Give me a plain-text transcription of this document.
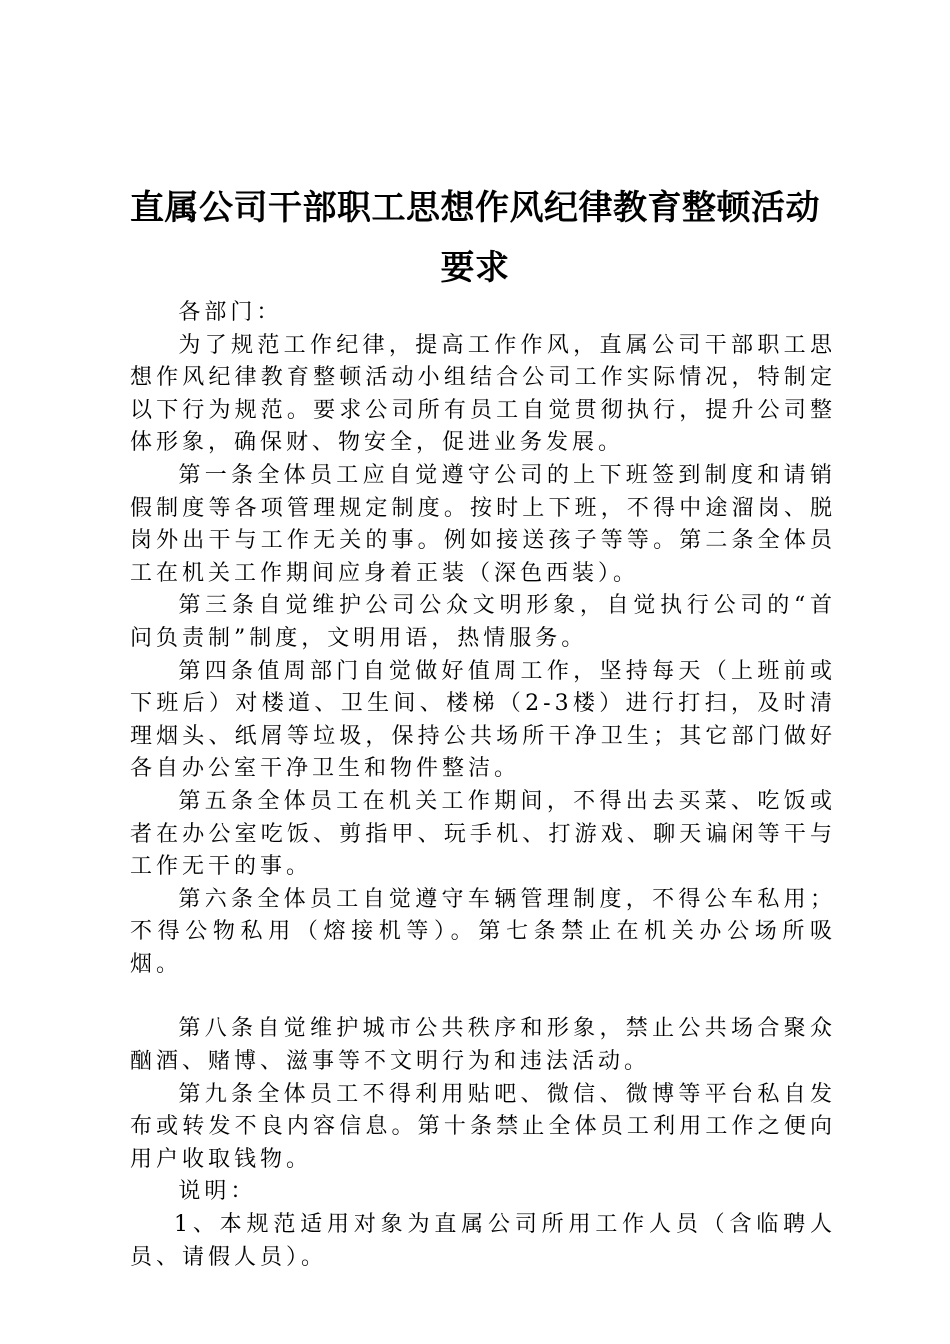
直属公司干部职工思想作风纪律教育整顿活动
要求

各部门：

为了规范工作纪律，提高工作作风，直属公司干部职工思想作风纪律教育整顿活动小组结合公司工作实际情况，特制定以下行为规范。要求公司所有员工自觉贯彻执行，提升公司整体形象，确保财、物安全，促进业务发展。

第一条全体员工应自觉遵守公司的上下班签到制度和请销假制度等各项管理规定制度。按时上下班，不得中途溜岗、脱岗外出干与工作无关的事。例如接送孩子等等。第二条全体员工在机关工作期间应身着正装（深色西装）。

第三条自觉维护公司公众文明形象，自觉执行公司的“首问负责制”制度，文明用语，热情服务。

第四条值周部门自觉做好值周工作，坚持每天（上班前或下班后）对楼道、卫生间、楼梯（2-3楼）进行打扫，及时清理烟头、纸屑等垃圾，保持公共场所干净卫生；其它部门做好各自办公室干净卫生和物件整洁。

第五条全体员工在机关工作期间，不得出去买菜、吃饭或者在办公室吃饭、剪指甲、玩手机、打游戏、聊天谝闲等干与工作无干的事。

第六条全体员工自觉遵守车辆管理制度，不得公车私用；不得公物私用（熔接机等）。第七条禁止在机关办公场所吸烟。

第八条自觉维护城市公共秩序和形象，禁止公共场合聚众酗酒、赌博、滋事等不文明行为和违法活动。

第九条全体员工不得利用贴吧、微信、微博等平台私自发布或转发不良内容信息。第十条禁止全体员工利用工作之便向用户收取钱物。

说明：

1、本规范适用对象为直属公司所用工作人员（含临聘人员、请假人员）。
